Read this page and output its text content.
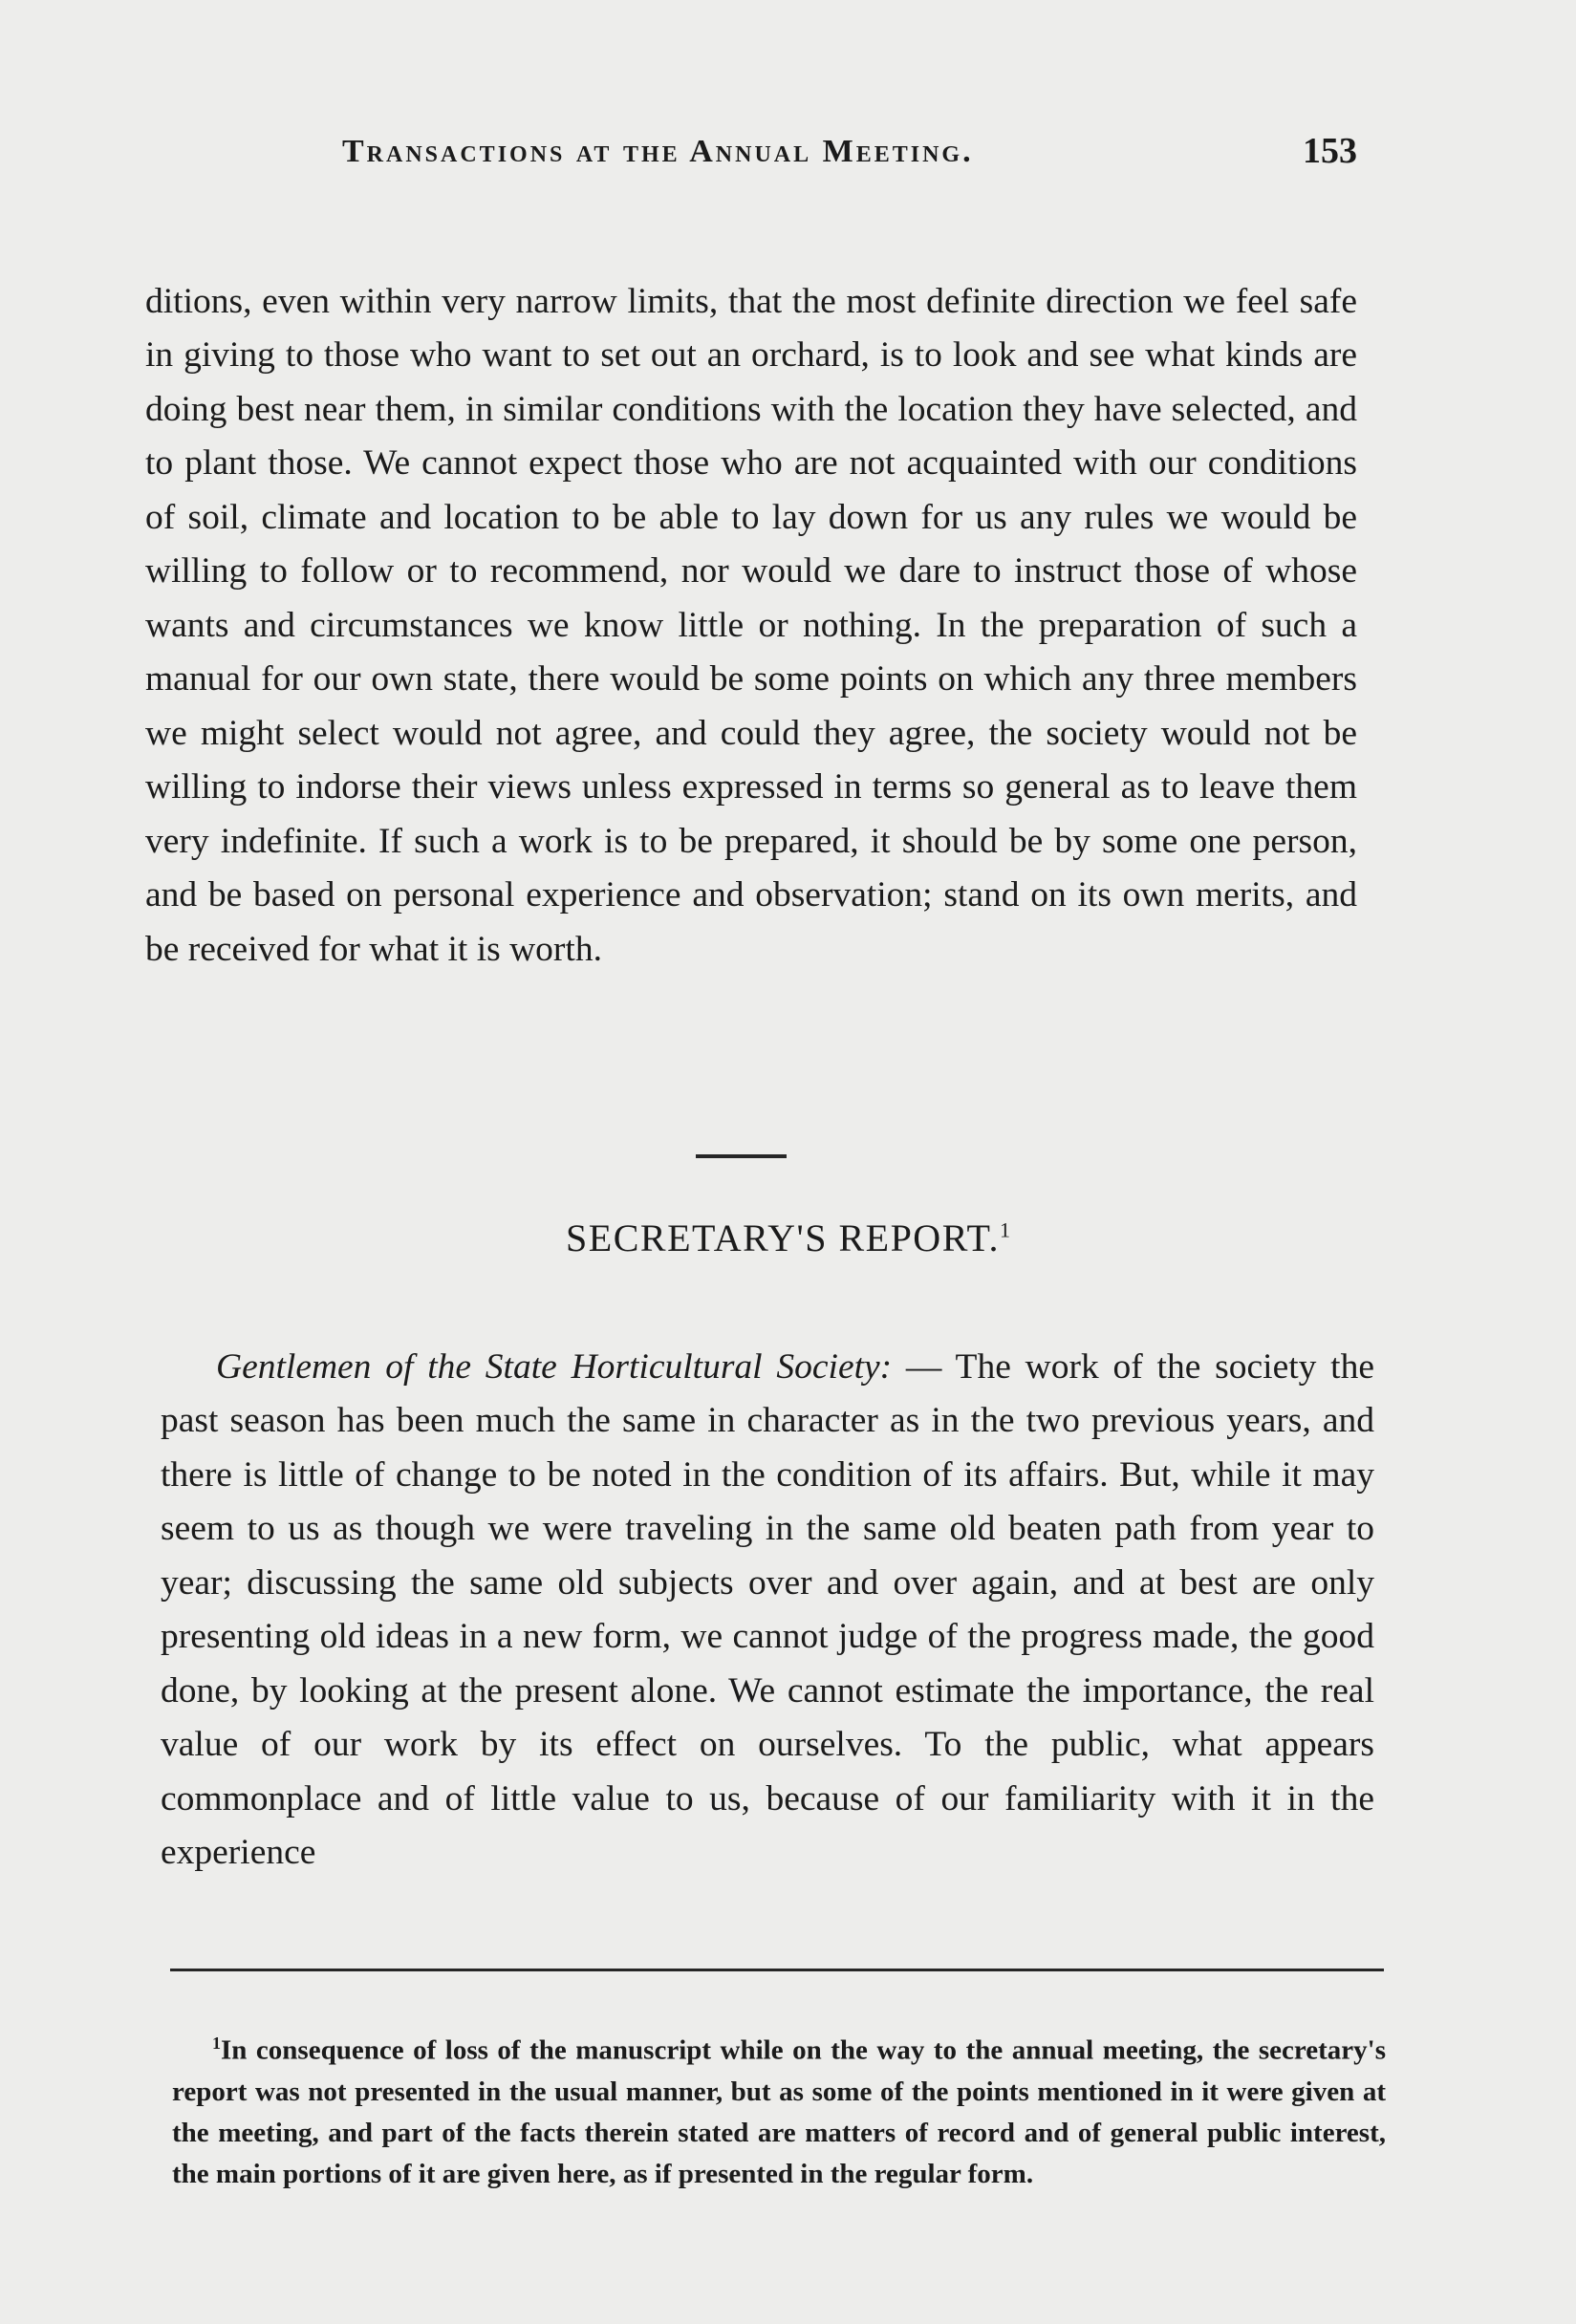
Transactions at the Annual Meeting.	153

ditions, even within very narrow limits, that the most definite direction we feel safe in giving to those who want to set out an orchard, is to look and see what kinds are doing best near them, in similar conditions with the location they have selected, and to plant those. We cannot expect those who are not acquainted with our conditions of soil, climate and location to be able to lay down for us any rules we would be willing to follow or to recommend, nor would we dare to instruct those of whose wants and circumstances we know little or nothing. In the preparation of such a manual for our own state, there would be some points on which any three members we might select would not agree, and could they agree, the society would not be willing to indorse their views unless expressed in terms so general as to leave them very indefinite. If such a work is to be prepared, it should be by some one person, and be based on personal experience and observation; stand on its own merits, and be received for what it is worth.

SECRETARY'S REPORT.$^1$

Gentlemen of the State Horticultural Society: — The work of the society the past season has been much the same in character as in the two previous years, and there is little of change to be noted in the condition of its affairs. But, while it may seem to us as though we were traveling in the same old beaten path from year to year; discussing the same old subjects over and over again, and at best are only presenting old ideas in a new form, we cannot judge of the progress made, the good done, by looking at the present alone. We cannot estimate the importance, the real value of our work by its effect on ourselves. To the public, what appears commonplace and of little value to us, because of our familiarity with it in the experience

$^1$In consequence of loss of the manuscript while on the way to the annual meeting, the secretary's report was not presented in the usual manner, but as some of the points mentioned in it were given at the meeting, and part of the facts therein stated are matters of record and of general public interest, the main portions of it are given here, as if presented in the regular form.
